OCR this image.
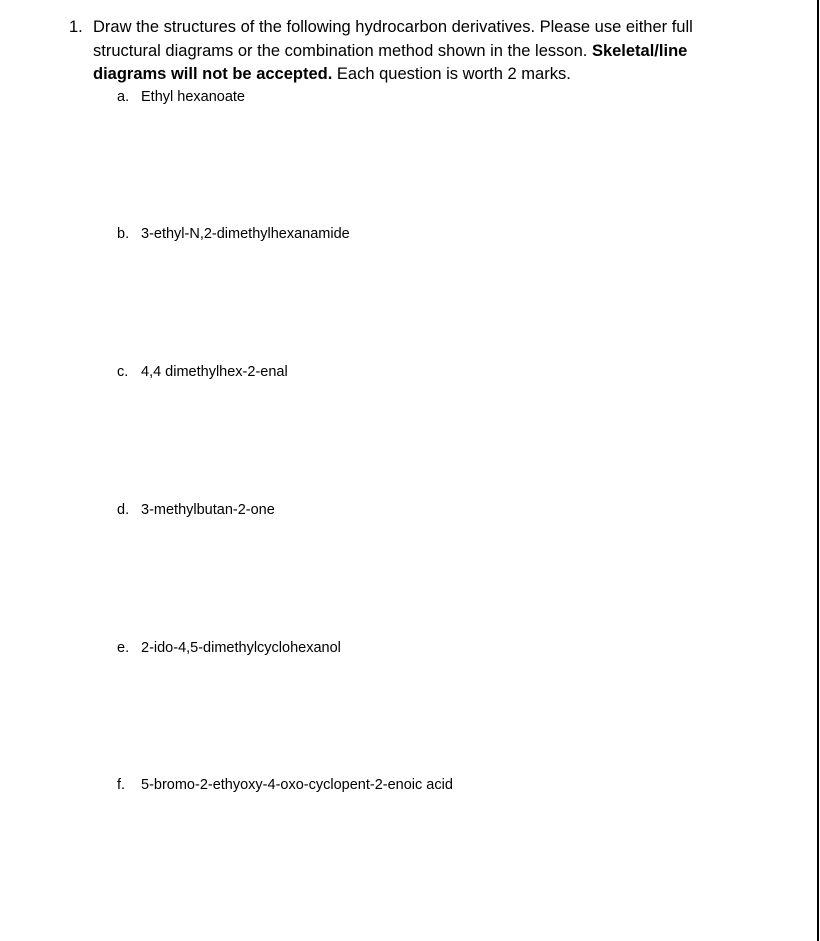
1. Draw the structures of the following hydrocarbon derivatives. Please use either full structural diagrams or the combination method shown in the lesson. Skeletal/line diagrams will not be accepted. Each question is worth 2 marks.
a. Ethyl hexanoate
b. 3-ethyl-N,2-dimethylhexanamide
c. 4,4 dimethylhex-2-enal
d. 3-methylbutan-2-one
e. 2-ido-4,5-dimethylcyclohexanol
f. 5-bromo-2-ethyoxy-4-oxo-cyclopent-2-enoic acid
